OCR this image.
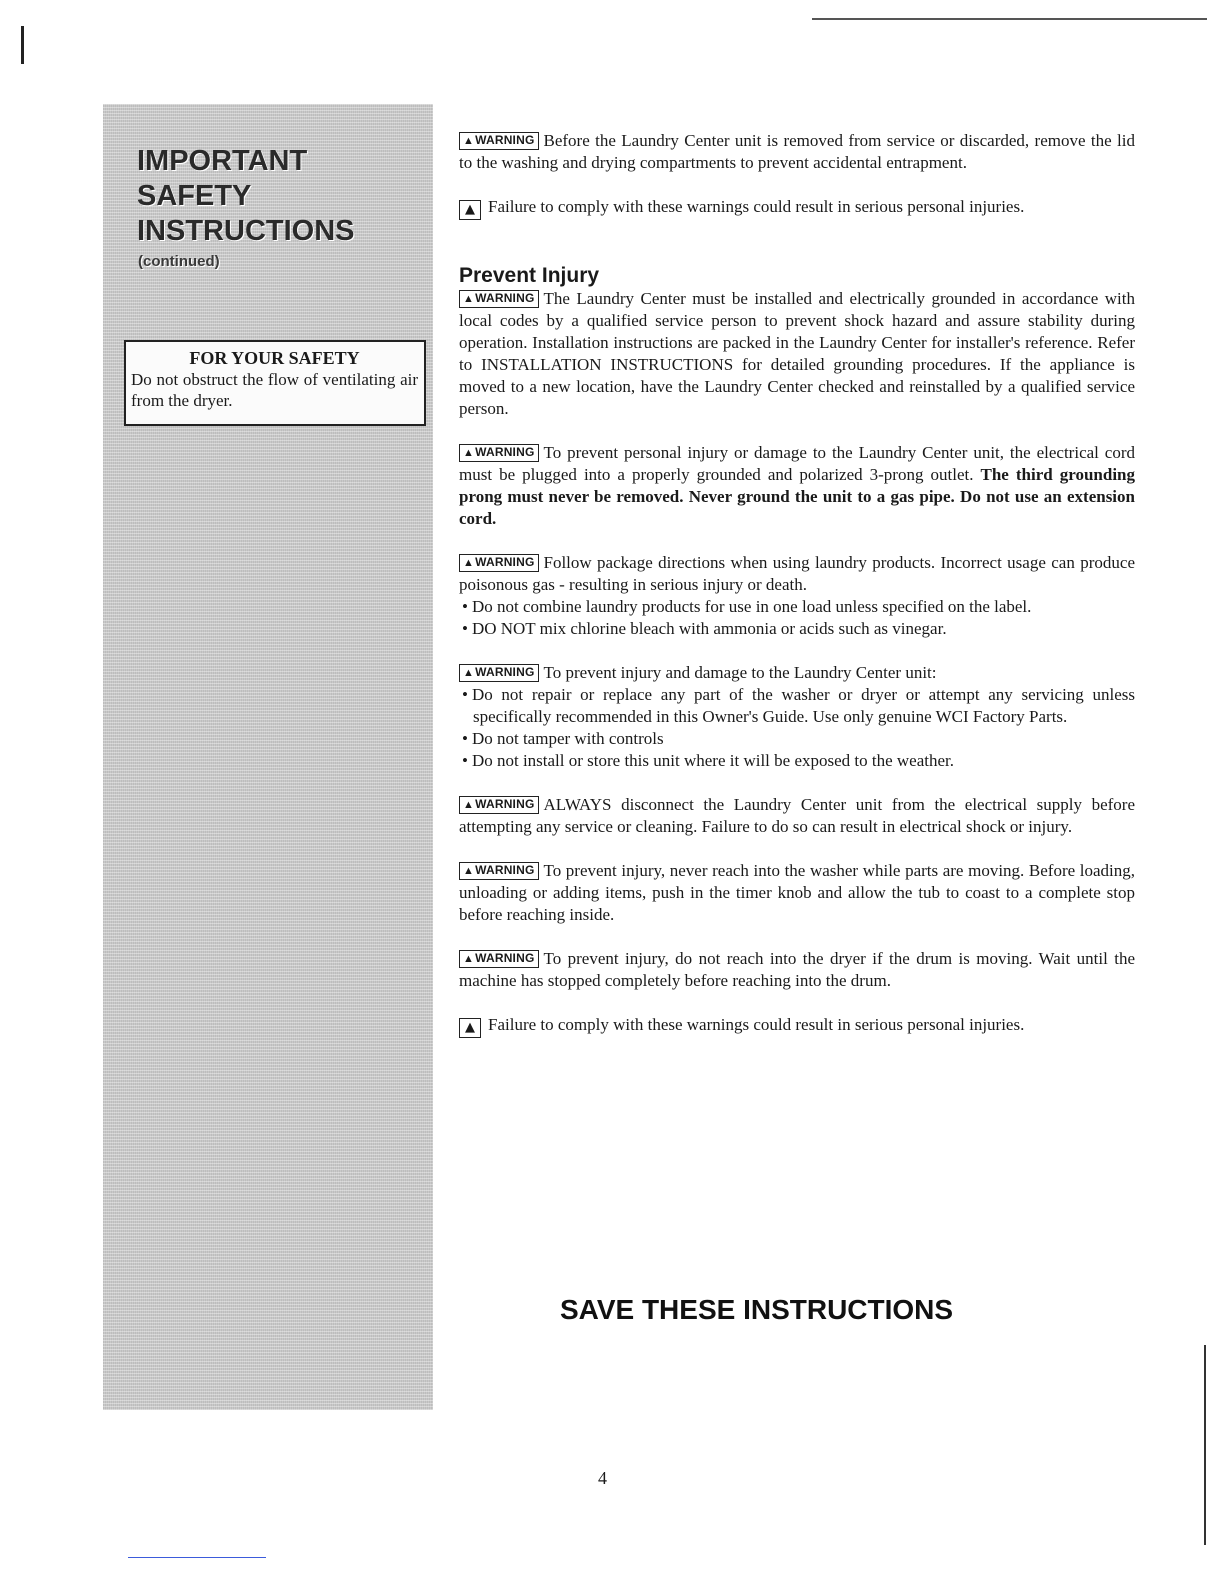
IMPORTANT
SAFETY
INSTRUCTIONS
(continued)
FOR YOUR SAFETY
Do not obstruct the flow of ventilating air from the dryer.

▲WARNING Before the Laundry Center unit is removed from service or discarded, remove the lid to the washing and drying compartments to prevent accidental entrapment.

▲ Failure to comply with these warnings could result in serious personal injuries.

Prevent Injury

▲WARNING The Laundry Center must be installed and electrically grounded in accordance with local codes by a qualified service person to prevent shock hazard and assure stability during operation. Installation instructions are packed in the Laundry Center for installer's reference. Refer to INSTALLATION INSTRUCTIONS for detailed grounding procedures. If the appliance is moved to a new location, have the Laundry Center checked and reinstalled by a qualified service person.

▲WARNING To prevent personal injury or damage to the Laundry Center unit, the electrical cord must be plugged into a properly grounded and polarized 3-prong outlet. The third grounding prong must never be removed. Never ground the unit to a gas pipe. Do not use an extension cord.

▲WARNING Follow package directions when using laundry products. Incorrect usage can produce poisonous gas - resulting in serious injury or death.

• Do not combine laundry products for use in one load unless specified on the label.
• DO NOT mix chlorine bleach with ammonia or acids such as vinegar.

▲WARNING To prevent injury and damage to the Laundry Center unit:

• Do not repair or replace any part of the washer or dryer or attempt any servicing unless specifically recommended in this Owner's Guide. Use only genuine WCI Factory Parts.
• Do not tamper with controls
• Do not install or store this unit where it will be exposed to the weather.

▲WARNING ALWAYS disconnect the Laundry Center unit from the electrical supply before attempting any service or cleaning. Failure to do so can result in electrical shock or injury.

▲WARNING To prevent injury, never reach into the washer while parts are moving. Before loading, unloading or adding items, push in the timer knob and allow the tub to coast to a complete stop before reaching inside.

▲WARNING To prevent injury, do not reach into the dryer if the drum is moving. Wait until the machine has stopped completely before reaching into the drum.

▲ Failure to comply with these warnings could result in serious personal injuries.

SAVE THESE INSTRUCTIONS
4
